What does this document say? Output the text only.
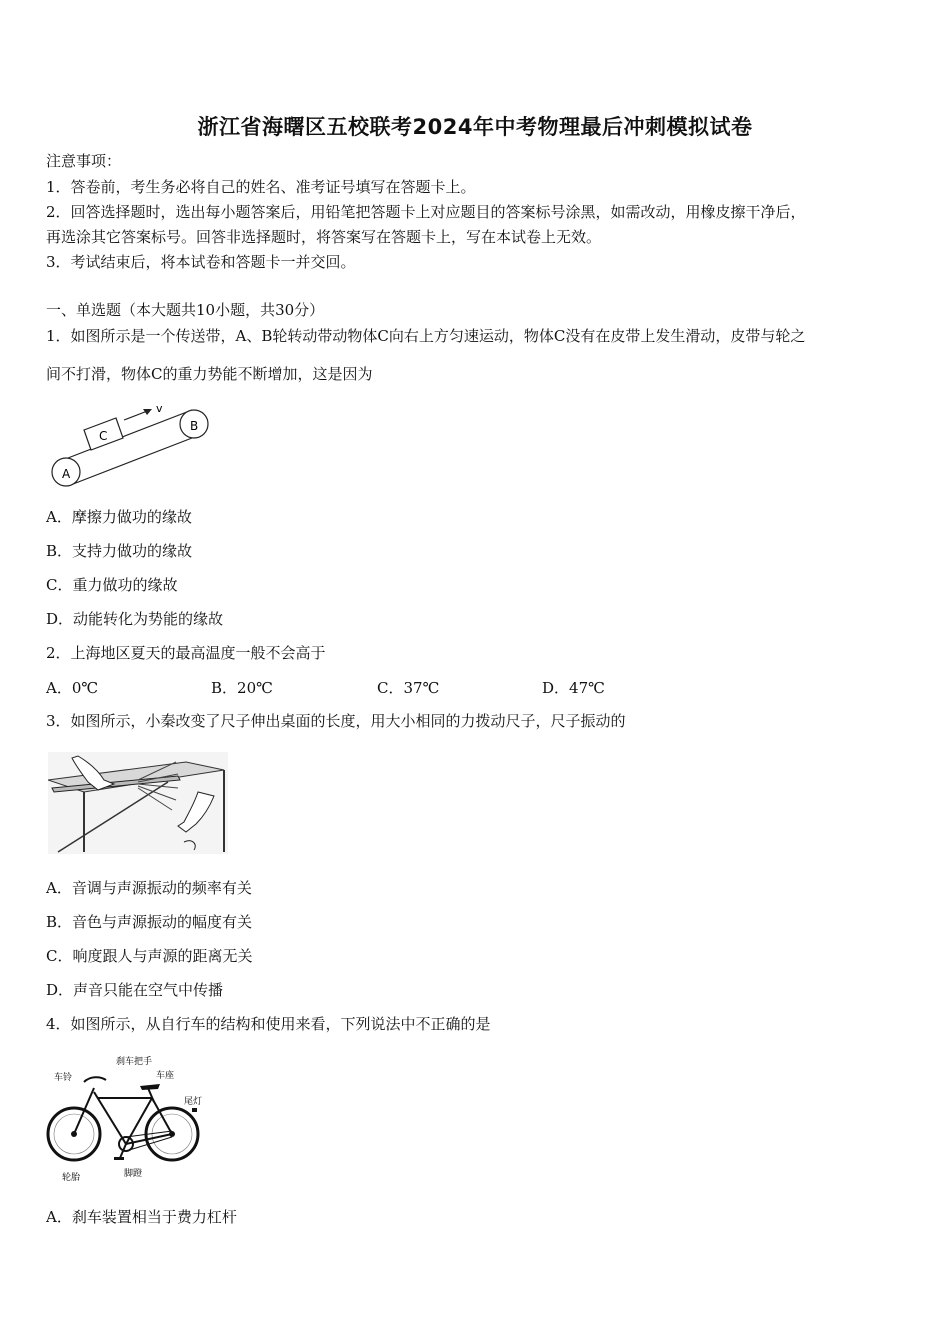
浙江省海曙区五校联考2024年中考物理最后冲刺模拟试卷
注意事项：
1．答卷前，考生务必将自己的姓名、准考证号填写在答题卡上。
2．回答选择题时，选出每小题答案后，用铅笔把答题卡上对应题目的答案标号涂黑，如需改动，用橡皮擦干净后，
再选涂其它答案标号。回答非选择题时，将答案写在答题卡上，写在本试卷上无效。
3．考试结束后，将本试卷和答题卡一并交回。
一、单选题（本大题共10小题，共30分）
1．如图所示是一个传送带，A、B轮转动带动物体C向右上方匀速运动，物体C没有在皮带上发生滑动，皮带与轮之
间不打滑，物体C的重力势能不断增加，这是因为
A
B
C
v
A．摩擦力做功的缘故
B．支持力做功的缘故
C．重力做功的缘故
D．动能转化为势能的缘故
2．上海地区夏天的最高温度一般不会高于
A．0℃	B．20℃	C．37℃	D．47℃
3．如图所示，小秦改变了尺子伸出桌面的长度，用大小相同的力拨动尺子，尺子振动的
A．音调与声源振动的频率有关
B．音色与声源振动的幅度有关
C．响度跟人与声源的距离无关
D．声音只能在空气中传播
4．如图所示，从自行车的结构和使用来看，下列说法中不正确的是
车铃
刹车把手
车座
尾灯
轮胎	脚蹬
A．刹车装置相当于费力杠杆
